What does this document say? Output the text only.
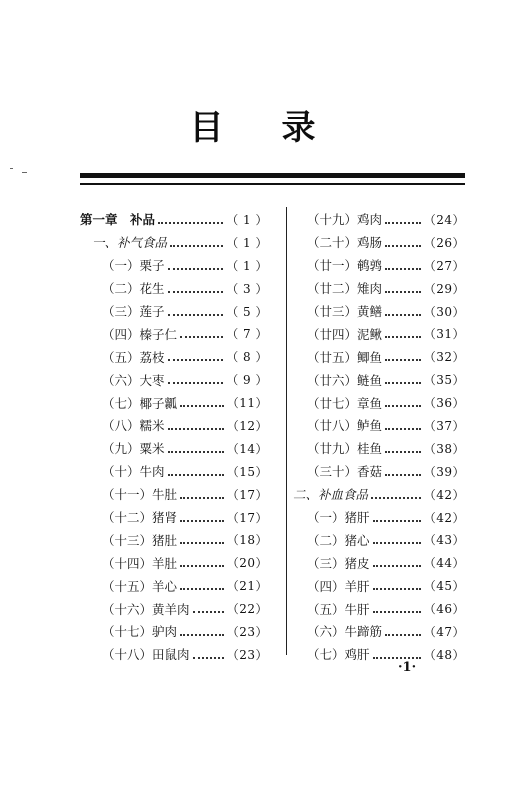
目 录
第一章　补品	（ 1 ）
一、补气食品	（ 1 ）
（一）栗子	（ 1 ）
（二）花生	（ 3 ）
（三）莲子	（ 5 ）
（四）榛子仁	（ 7 ）
（五）荔枝	（ 8 ）
（六）大枣	（ 9 ）
（七）椰子瓤	（11）
（八）糯米	（12）
（九）粟米	（14）
（十）牛肉	（15）
（十一）牛肚	（17）
（十二）猪肾	（17）
（十三）猪肚	（18）
（十四）羊肚	（20）
（十五）羊心	（21）
（十六）黄羊肉	（22）
（十七）驴肉	（23）
（十八）田鼠肉	（23）
（十九）鸡肉	（24）
（二十）鸡肠	（26）
（廿一）鹌鹑	（27）
（廿二）雉肉	（29）
（廿三）黄鳝	（30）
（廿四）泥鳅	（31）
（廿五）鲫鱼	（32）
（廿六）鲢鱼	（35）
（廿七）章鱼	（36）
（廿八）鲈鱼	（37）
（廿九）桂鱼	（38）
（三十）香菇	（39）
二、补血食品	（42）
（一）猪肝	（42）
（二）猪心	（43）
（三）猪皮	（44）
（四）羊肝	（45）
（五）牛肝	（46）
（六）牛蹄筋	（47）
（七）鸡肝	（48）
·1·
